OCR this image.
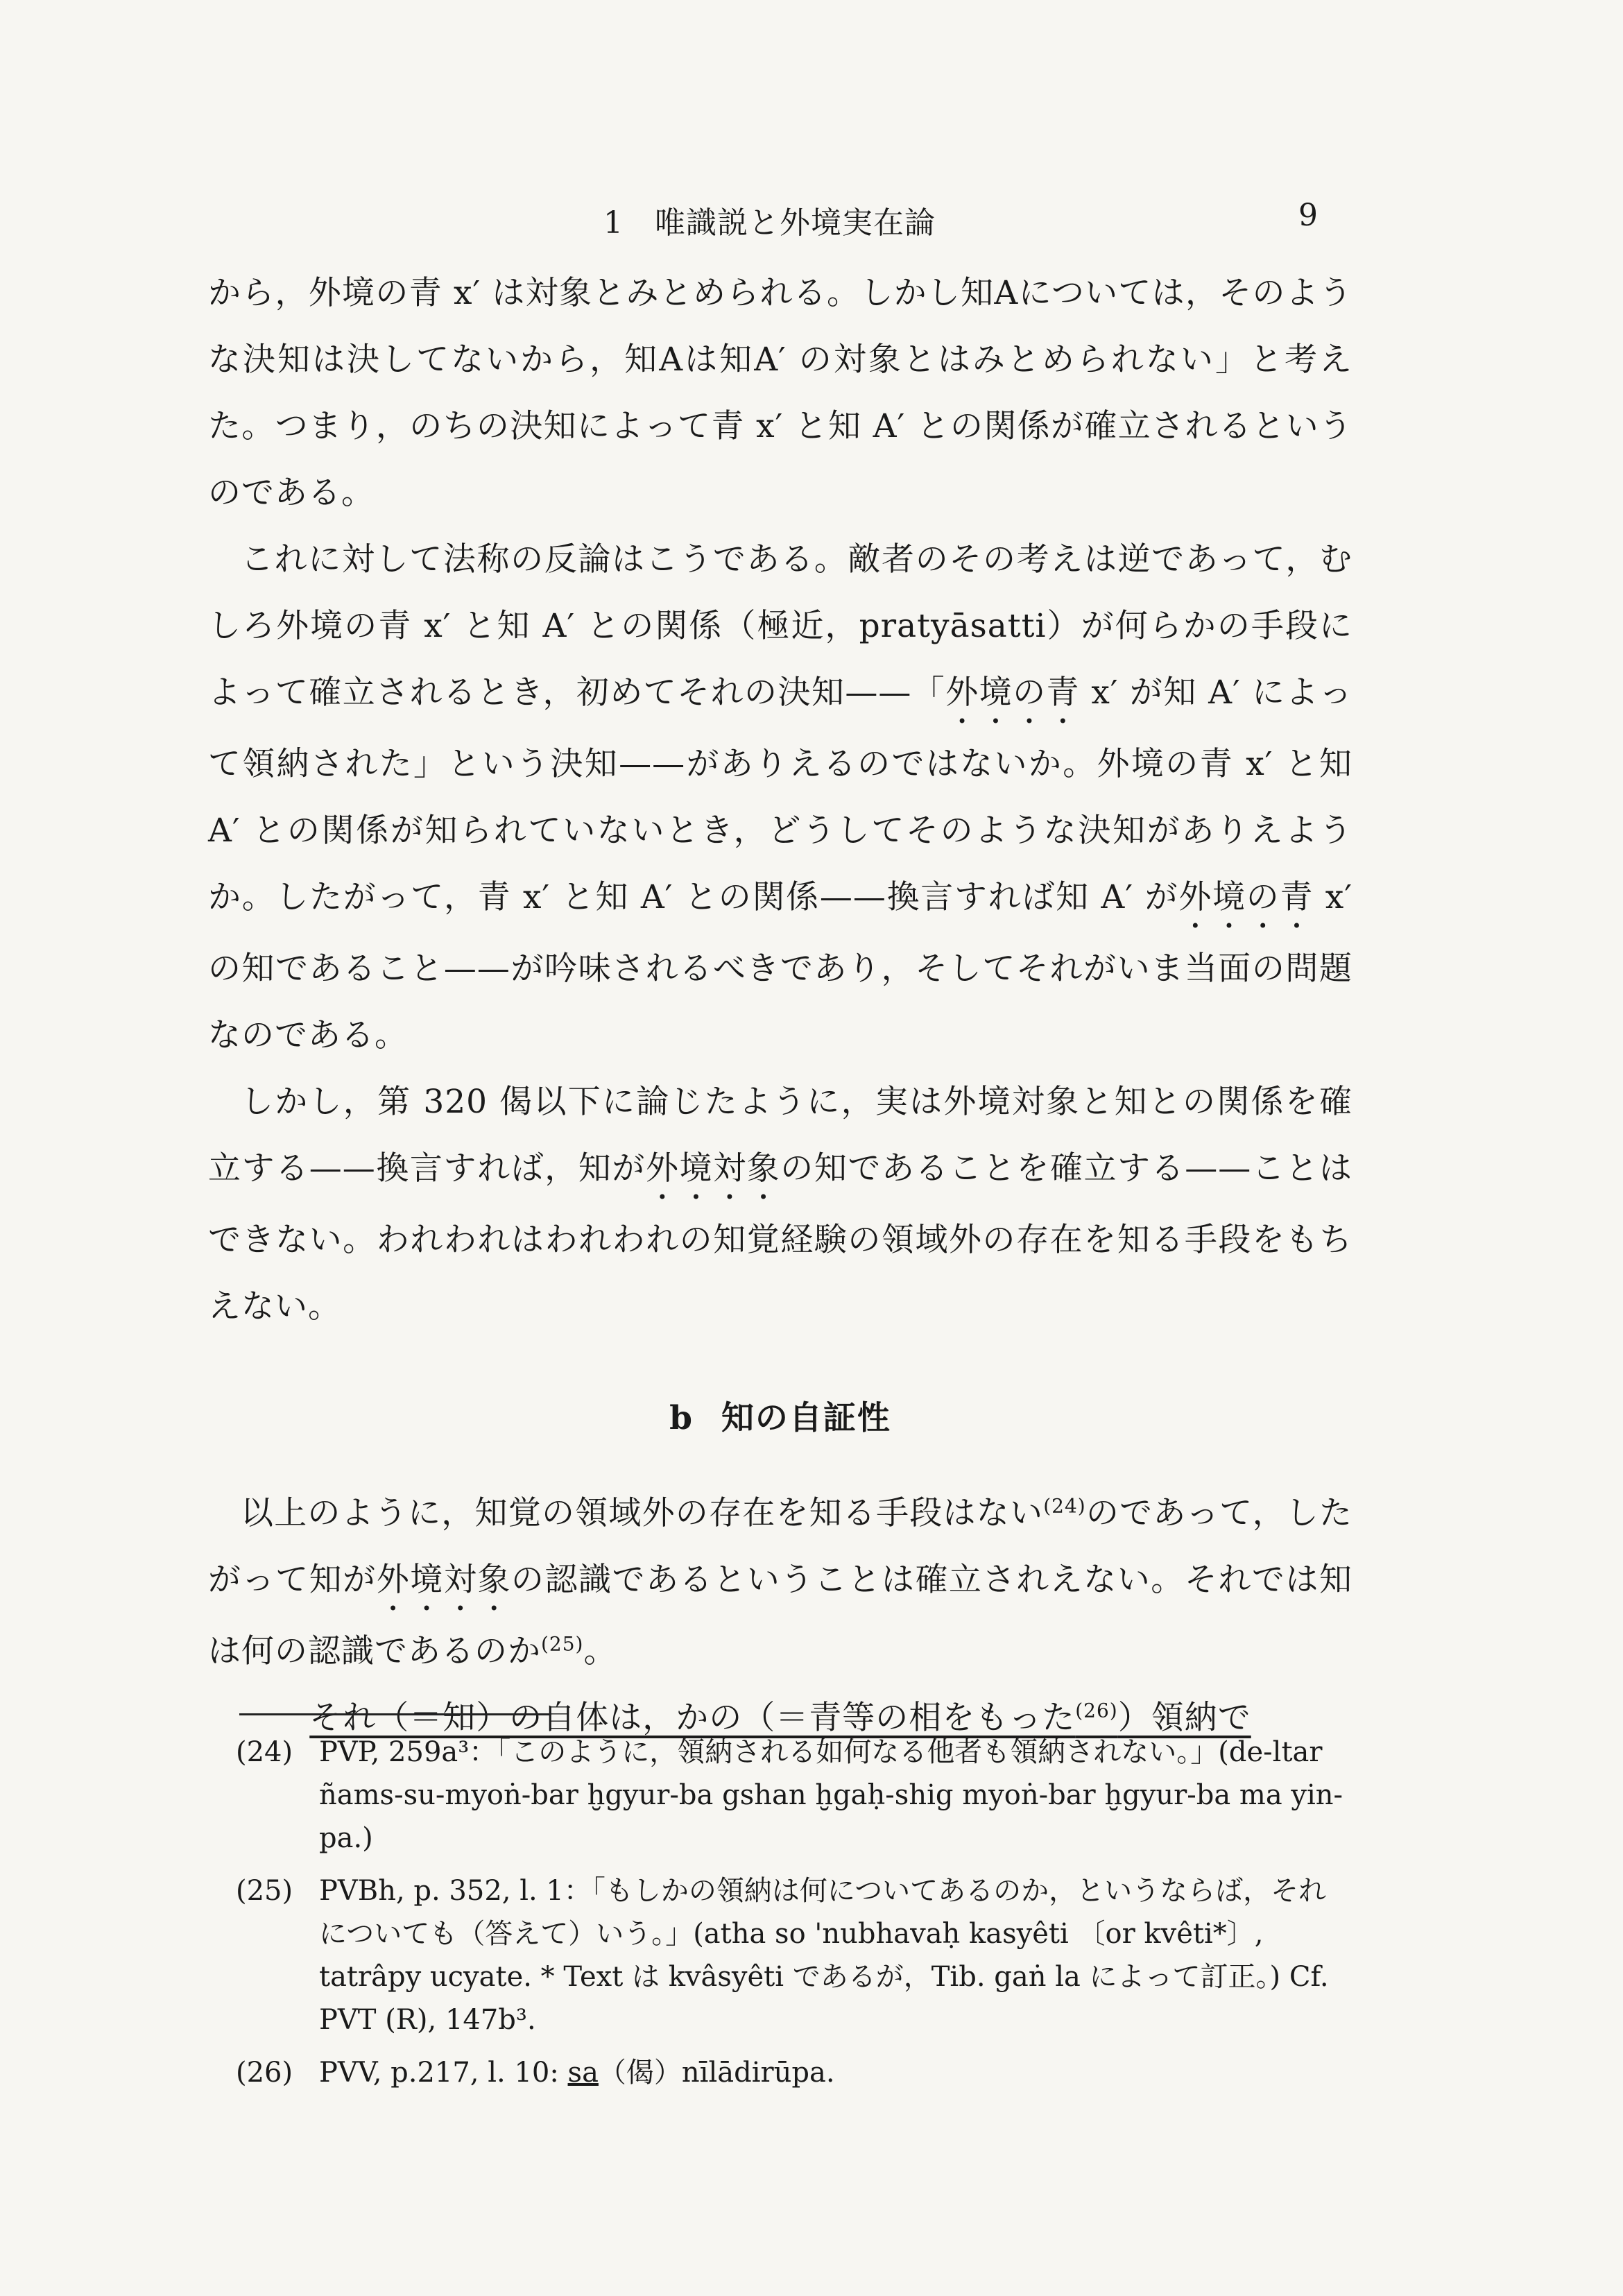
1　唯識説と外境実在論	9

から，外境の青 x′ は対象とみとめられる。しかし知Aについては，そのような決知は決してないから，知Aは知A′ の対象とはみとめられない」と考えた。つまり，のちの決知によって青 x′ と知 A′ との関係が確立されるというのである。

これに対して法称の反論はこうである。敵者のその考えは逆であって，むしろ外境の青 x′ と知 A′ との関係（極近，pratyāsatti）が何らかの手段によって確立されるとき，初めてそれの決知——「外境の青 x′ が知 A′ によって領納された」という決知——がありえるのではないか。外境の青 x′ と知 A′ との関係が知られていないとき，どうしてそのような決知がありえようか。したがって，青 x′ と知 A′ との関係——換言すれば知 A′ が外境の青 x′ の知であること——が吟味されるべきであり，そしてそれがいま当面の問題なのである。

しかし，第 320 偈以下に論じたように，実は外境対象と知との関係を確立する——換言すれば，知が外境対象の知であることを確立する——ことはできない。われわれはわれわれの知覚経験の領域外の存在を知る手段をもちえない。

b 知の自証性

以上のように，知覚の領域外の存在を知る手段はない$^{(24)}$のであって，したがって知が外境対象の認識であるということは確立されえない。それでは知は何の認識であるのか$^{(25)}$。

それ（＝知）の自体は，かの（＝青等の相をもった$^{(26)}$）領納で
(24) PVP, 259a³：「このように，領納される如何なる他者も領納されない。」(de-ltar ñams-su-myoṅ-bar ḫgyur-ba gshan ḫgaḥ-shig myoṅ-bar ḫgyur-ba ma yin-pa.)
(25) PVBh, p. 352, l. 1：「もしかの領納は何についてあるのか，というならば，それについても（答えて）いう。」(atha so 'nubhavaḥ kasyêti 〔or kvêti*〕, tatrâpy ucyate. * Text は kvâsyêti であるが，Tib. gaṅ la によって訂正。) Cf. PVT (R), 147b³.
(26) PVV, p.217, l. 10: sa（偈）nīlādirūpa.
